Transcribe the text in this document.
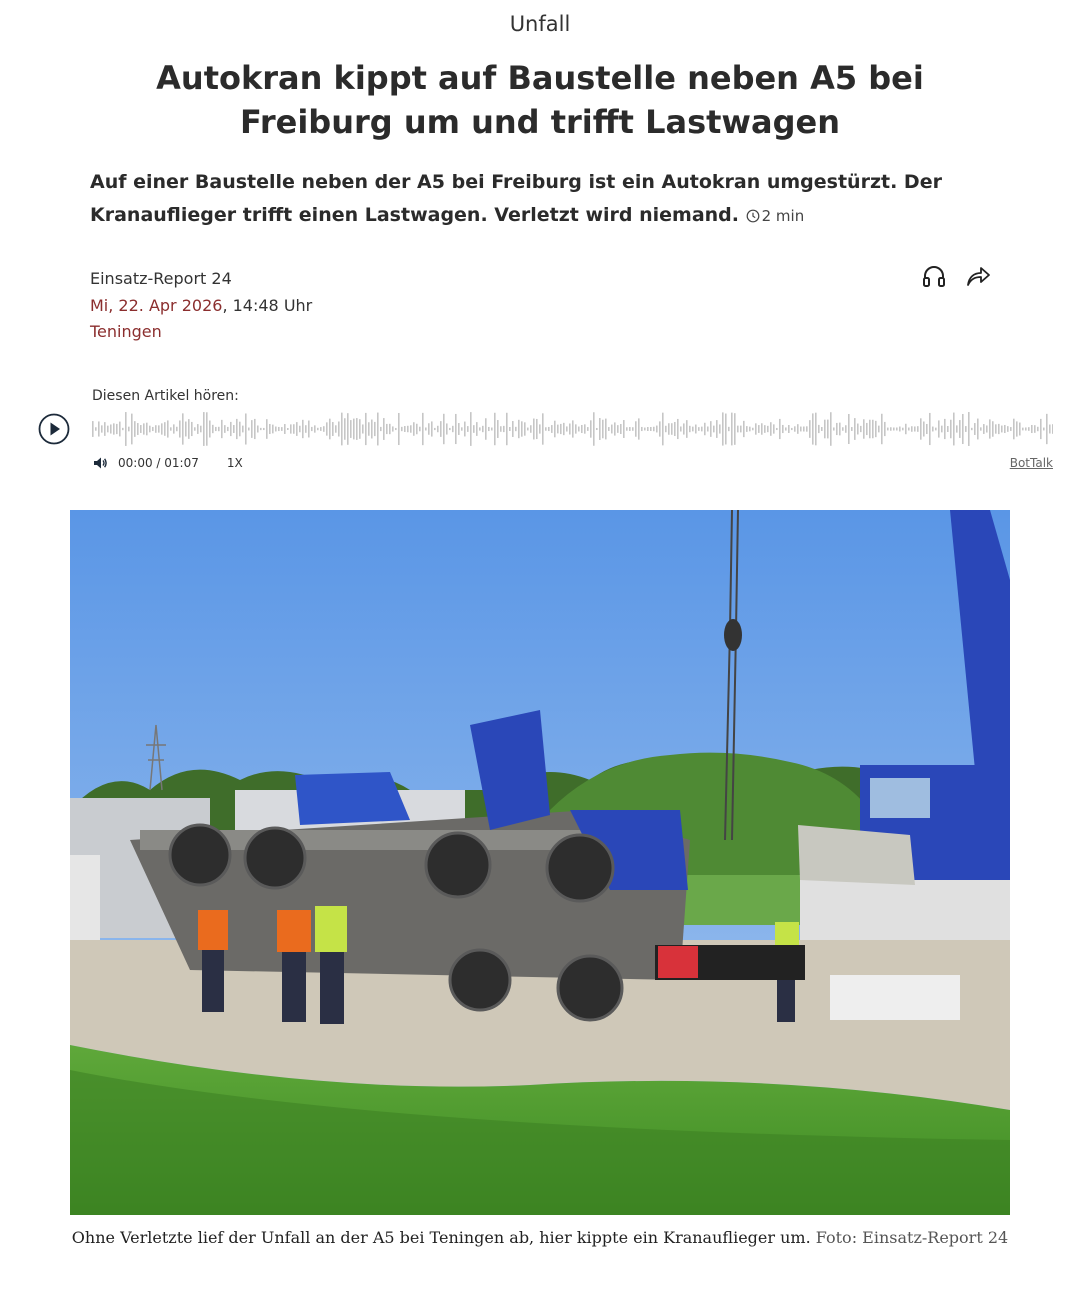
Unfall
Autokran kippt auf Baustelle neben A5 bei Freiburg um und trifft Lastwagen

Auf einer Baustelle neben der A5 bei Freiburg ist ein Autokran umgestürzt. Der Kranauflieger trifft einen Lastwagen. Verletzt wird niemand. 2 min

Einsatz-Report 24
Mi, 22. Apr 2026, 14:48 Uhr
Teningen
Diesen Artikel hören:
00:00 / 01:07 1X	BotTalk
Ohne Verletzte lief der Unfall an der A5 bei Teningen ab, hier kippte ein Kranauflieger um. Foto: Einsatz-Report 24
